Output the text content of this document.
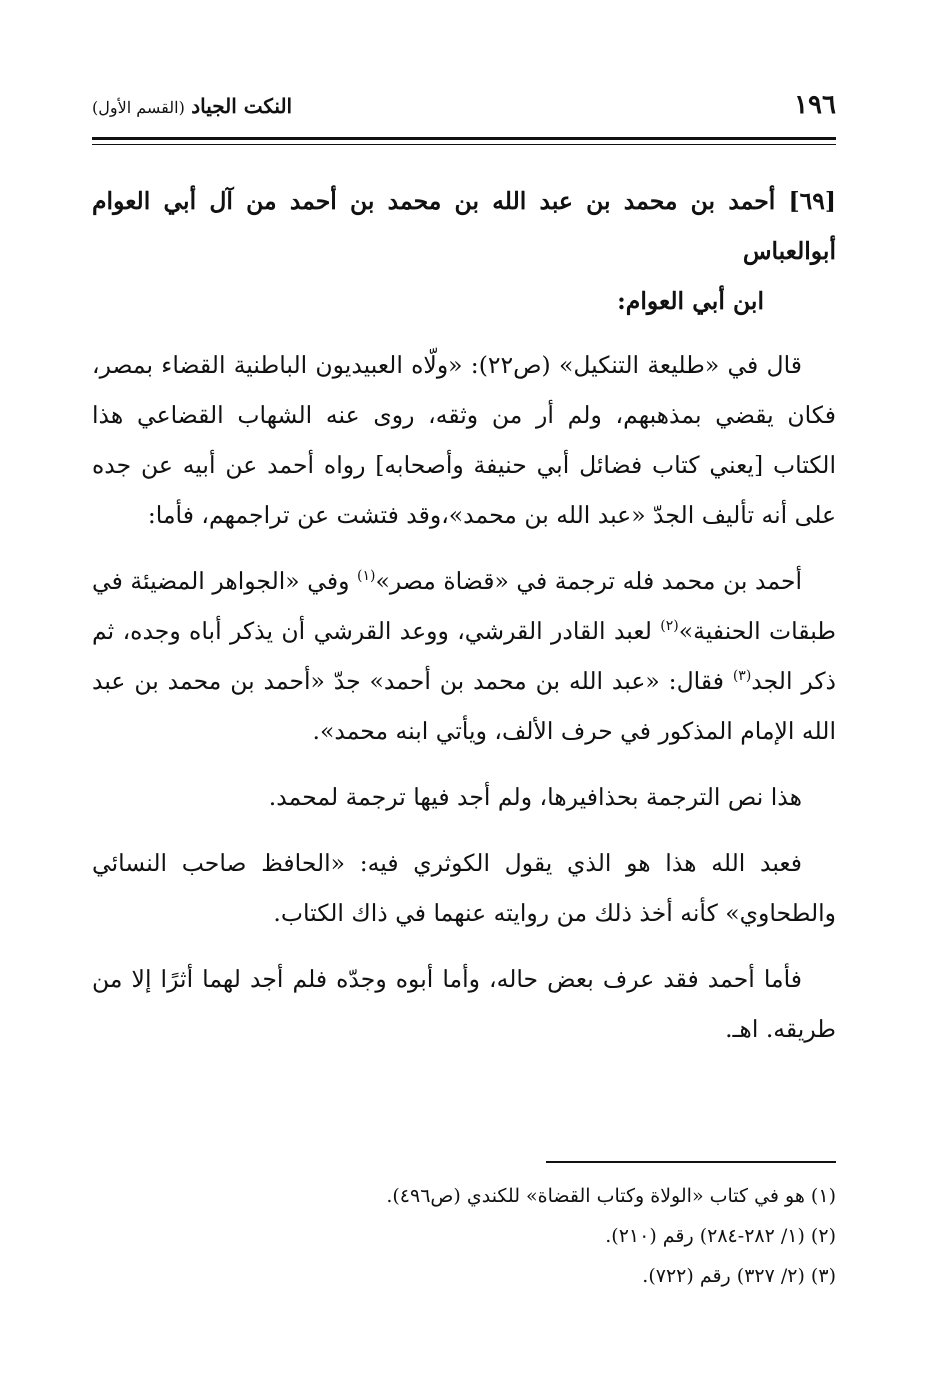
١٩٦
النكت الجياد (القسم الأول)

[٦٩] أحمد بن محمد بن عبد الله بن محمد بن أحمد من آل أبي العوام أبوالعباس
ابن أبي العوام:

قال في «طليعة التنكيل» (ص٢٢): «ولّاه العبيديون الباطنية القضاء بمصر، فكان يقضي بمذهبهم، ولم أر من وثقه، روى عنه الشهاب القضاعي هذا الكتاب [يعني كتاب فضائل أبي حنيفة وأصحابه] رواه أحمد عن أبيه عن جده على أنه تأليف الجدّ «عبد الله بن محمد»،وقد فتشت عن تراجمهم، فأما:

أحمد بن محمد فله ترجمة في «قضاة مصر»$^{(١)}$ وفي «الجواهر المضيئة في طبقات الحنفية»$^{(٢)}$ لعبد القادر القرشي، ووعد القرشي أن يذكر أباه وجده، ثم ذكر الجد$^{(٣)}$ فقال: «عبد الله بن محمد بن أحمد» جدّ «أحمد بن محمد بن عبد الله الإمام المذكور في حرف الألف، ويأتي ابنه محمد».

هذا نص الترجمة بحذافيرها، ولم أجد فيها ترجمة لمحمد.

فعبد الله هذا هو الذي يقول الكوثري فيه: «الحافظ صاحب النسائي والطحاوي» كأنه أخذ ذلك من روايته عنهما في ذاك الكتاب.

فأما أحمد فقد عرف بعض حاله، وأما أبوه وجدّه فلم أجد لهما أثرًا إلا من طريقه. اهـ.

(١) هو في كتاب «الولاة وكتاب القضاة» للكندي (ص٤٩٦).

(٢) (١/ ٢٨٢-٢٨٤) رقم (٢١٠).

(٣) (٢/ ٣٢٧) رقم (٧٢٢).
